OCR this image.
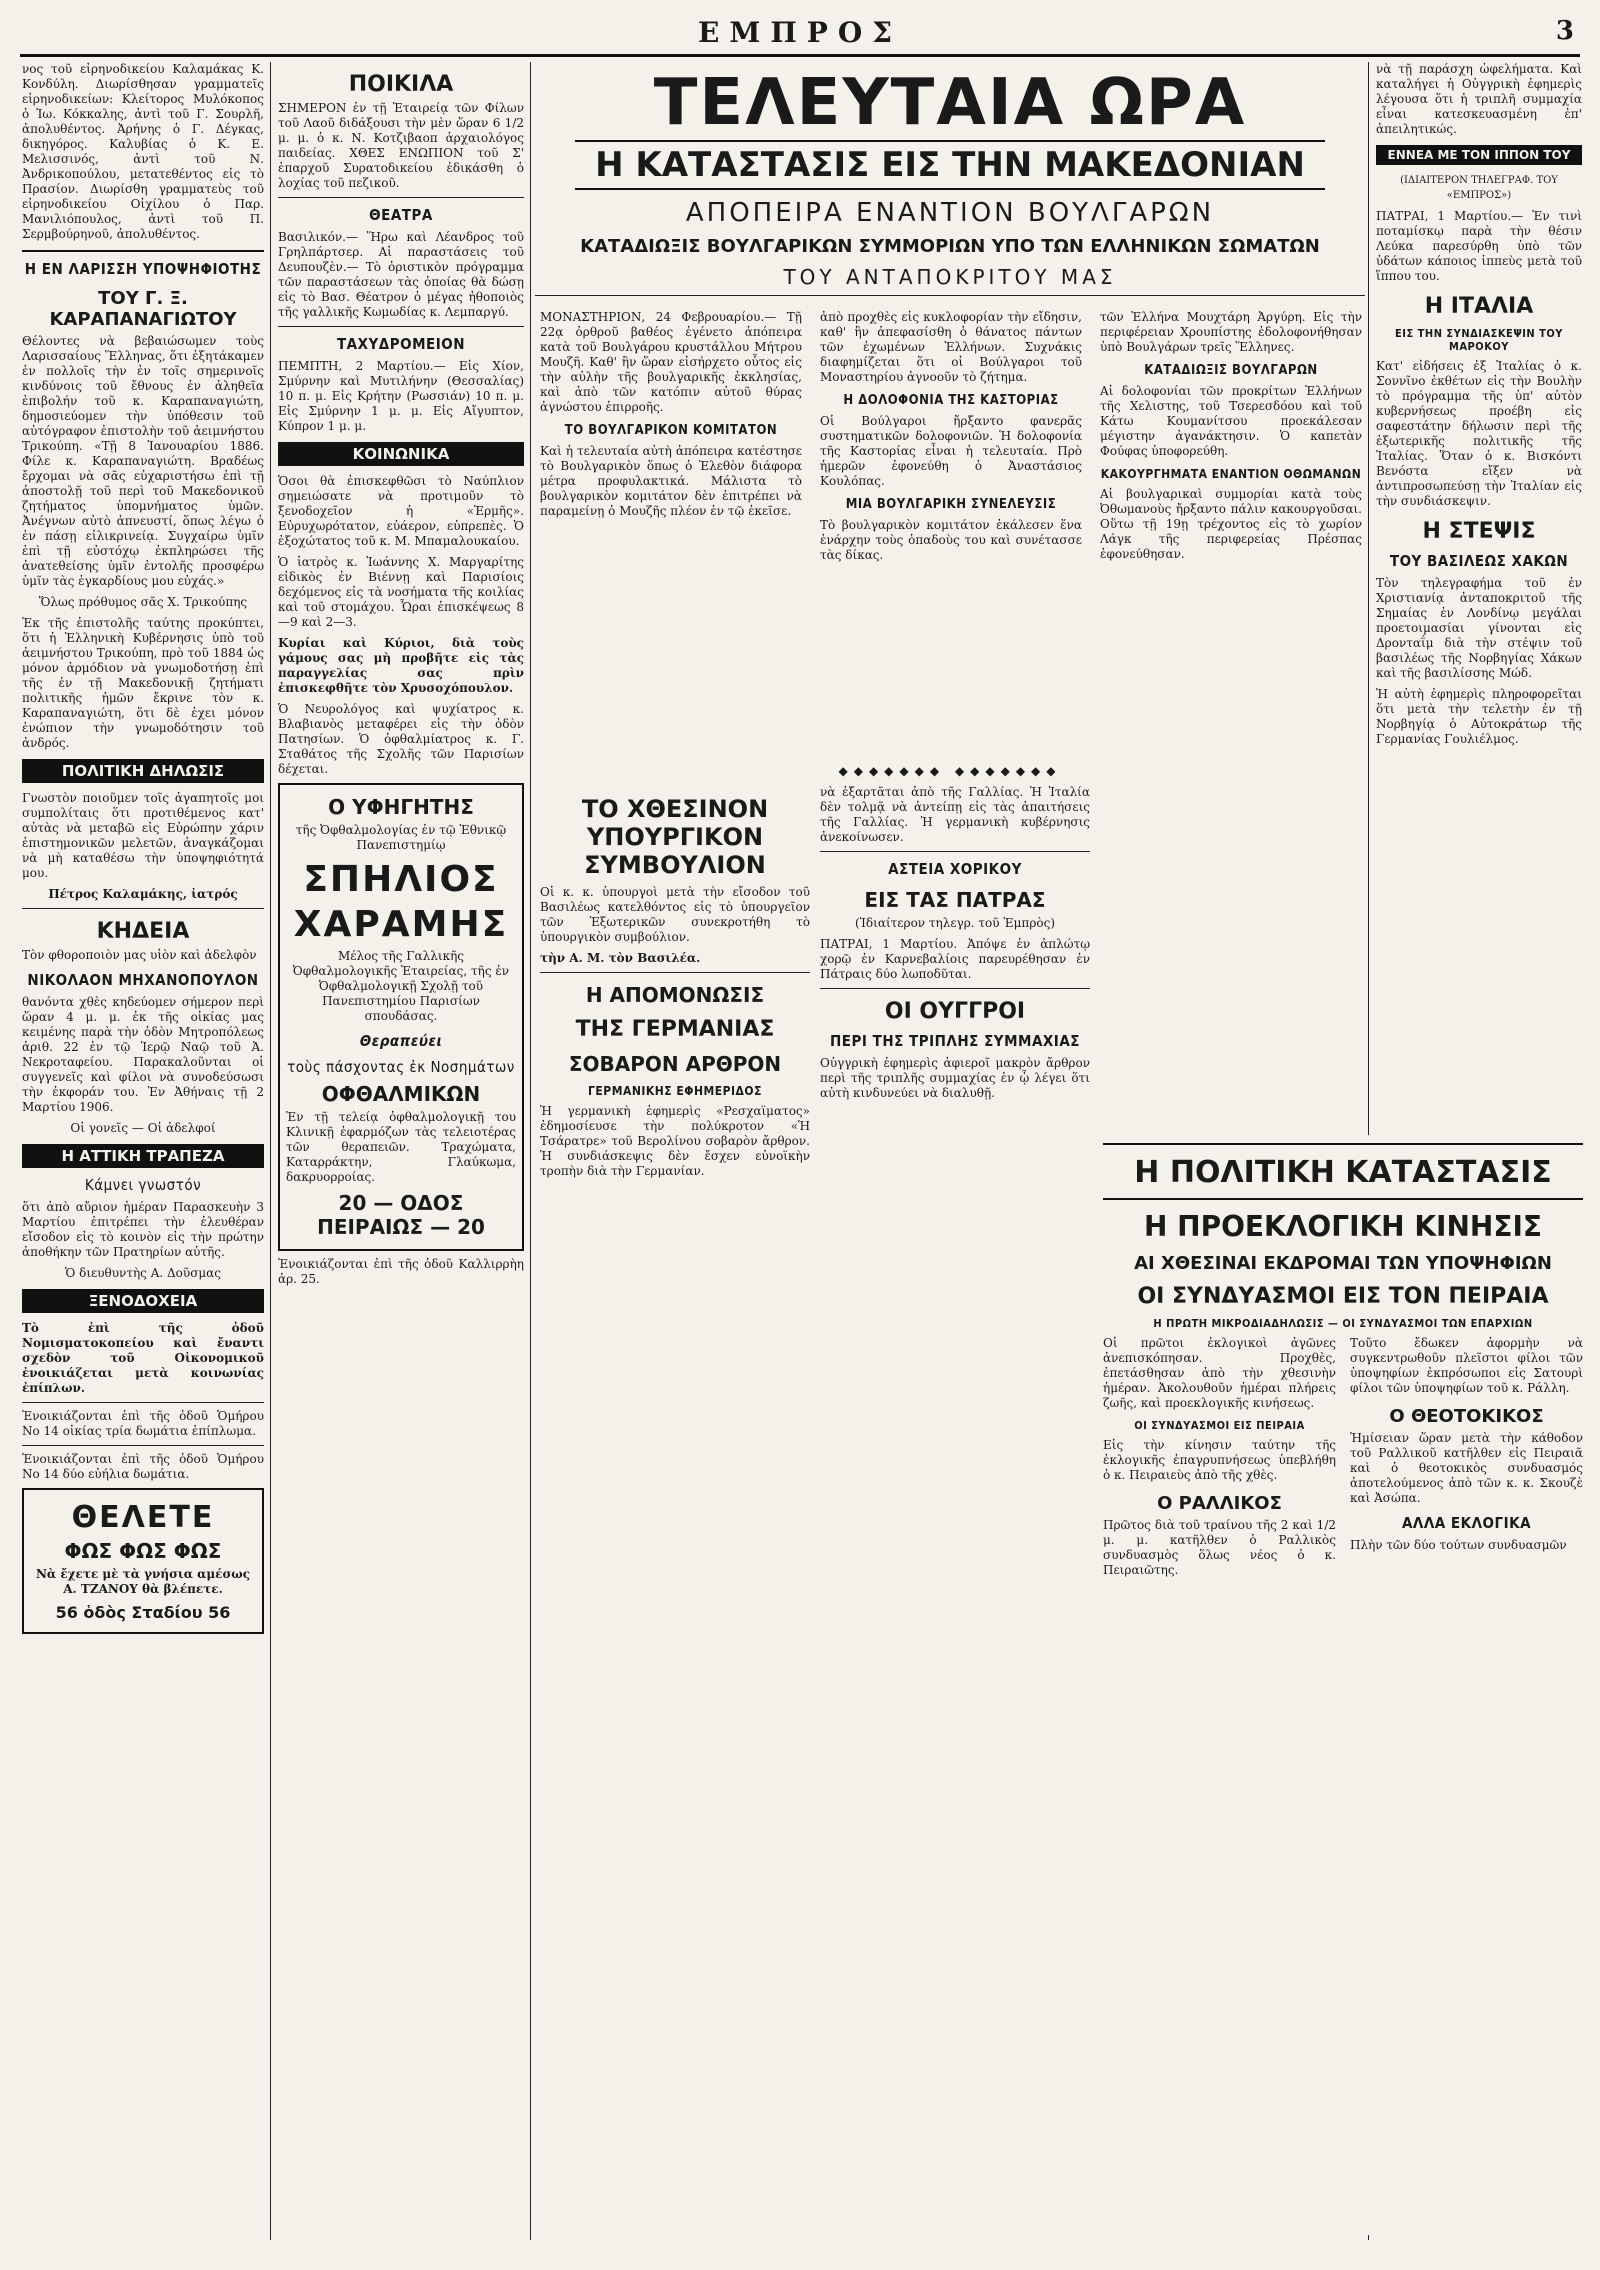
ΕΜΠΡΟΣ	3

νος τοῦ εἰρηνοδικείου Καλαμάκας Κ. Κονδύλη. Διωρίσθησαν γραμματεῖς εἰρηνοδικείων: Κλείτορος Μυλόκοπος ὁ Ἰω. Κόκκαλης, ἀντὶ τοῦ Γ. Σουρλῆ, ἀπολυθέντος. Ἀρήνης ὁ Γ. Δέγκας, δικηγόρος. Καλυβίας ὁ Κ. Ε. Μελισσινός, ἀντὶ τοῦ Ν. Ἀνδρικοπούλου, μετατεθέντος εἰς τὸ Πρασίον. Διωρίσθη γραμματεὺς τοῦ εἰρηνοδικείου Οἰχίλου ὁ Παρ. Μανιλιόπουλος, ἀντὶ τοῦ Π. Σερμβούρηνοῦ, ἀπολυθέντος.

Η ΕΝ ΛΑΡΙΣΣΗ ΥΠΟΨΗΦΙΟΤΗΣ
ΤΟΥ Γ. Ξ. ΚΑΡΑΠΑΝΑΓΙΩΤΟΥ

Θέλοντες νὰ βεβαιώσωμεν τοὺς Λαρισσαίους Ἕλληνας, ὅτι ἐξητάκαμεν ἐν πολλοῖς τὴν ἐν τοῖς σημερινοῖς κινδύνοις τοῦ ἔθνους ἐν ἀληθεῖα ἐπιβολήν τοῦ κ. Καραπαναγιώτη, δημοσιεύομεν τὴν ὑπόθεσιν τοῦ αὐτόγραφον ἐπιστολὴν τοῦ ἀειμνήστου Τρικούπη. «Τῇ 8 Ἰανουαρίου 1886. Φίλε κ. Καραπαναγιώτη. Βραδέως ἔρχομαι νὰ σᾶς εὐχαριστήσω ἐπὶ τῇ ἀποστολῇ τοῦ περὶ τοῦ Μακεδονικοῦ ζητήματος ὑπομνήματος ὑμῶν. Ἀνέγνων αὐτὸ ἀπνευστί, ὅπως λέγω ὁ ἐν πάσῃ εἰλικρινείᾳ. Συγχαίρω ὑμῖν ἐπὶ τῇ εὐστόχῳ ἐκπληρώσει τῆς ἀνατεθείσης ὑμῖν ἐντολῆς προσφέρω ὑμῖν τὰς ἐγκαρδίους μου εὐχάς.»

Ὅλως πρόθυμος σᾶς Χ. Τρικούπης

Ἐκ τῆς ἐπιστολῆς ταύτης προκύπτει, ὅτι ἡ Ἑλληνικὴ Κυβέρνησις ὑπὸ τοῦ ἀειμνήστου Τρικούπη, πρὸ τοῦ 1884 ὡς μόνον ἀρμόδιον νὰ γνωμοδοτήσῃ ἐπὶ τῆς ἐν τῇ Μακεδονικῇ ζητήματι πολιτικῆς ἡμῶν ἔκρινε τὸν κ. Καραπαναγιώτη, ὅτι δὲ ἐχει μόνον ἐνώπιον τὴν γνωμοδότησιν τοῦ ἀνδρός.

ΠΟΛΙΤΙΚΗ ΔΗΛΩΣΙΣ

Γνωστὸν ποιοῦμεν τοῖς ἀγαπητοῖς μοι συμπολίταις ὅτι προτιθέμενος κατ' αὐτὰς νὰ μεταβῶ εἰς Εὐρώπην χάριν ἐπιστημονικῶν μελετῶν, ἀναγκάζομαι νὰ μὴ καταθέσω τὴν ὑποψηφιότητά μου.

Πέτρος Καλαμάκης, ἰατρός

ΚΗΔΕΙΑ

Τὸν φθοροποιὸν μας υἱὸν καὶ ἀδελφὸν

ΝΙΚΟΛΑΟΝ ΜΗΧΑΝΟΠΟΥΛΟΝ

θανόντα χθὲς κηδεύομεν σήμερον περὶ ὥραν 4 μ. μ. ἐκ τῆς οἰκίας μας κειμένης παρὰ τὴν ὁδὸν Μητροπόλεως ἀριθ. 22 ἐν τῷ Ἱερῷ Ναῷ τοῦ Ἀ. Νεκροταφείου. Παρακαλοῦνται οἱ συγγενεῖς καὶ φίλοι νὰ συνοδεύσωσι τὴν ἐκφοράν του. Ἐν Ἀθήναις τῇ 2 Μαρτίου 1906.

Οἱ γονεῖς — Οἱ ἀδελφοί

Η ΑΤΤΙΚΗ ΤΡΑΠΕΖΑ
Κάμνει γνωστόν

ὅτι ἀπὸ αὔριον ἡμέραν Παρασκευὴν 3 Μαρτίου ἐπιτρέπει τὴν ἐλευθέραν εἴσοδον εἰς τὸ κοινὸν εἰς τὴν πρώτην ἀποθήκην τῶν Πρατηρίων αὐτῆς.

Ὁ διευθυντὴς Α. Δοῦσμας

ΞΕΝΟΔΟΧΕΙΑ

Τὸ ἐπὶ τῆς ὁδοῦ Νομισματοκοπείου καὶ ἔναντι σχεδὸν τοῦ Οἰκονομικοῦ ἐνοικιάζεται μετὰ κοινωνίας ἐπίπλων.

Ἐνοικιάζονται ἐπὶ τῆς ὁδοῦ Ὁμήρου Νο 14 οἰκίας τρία δωμάτια ἐπίπλωμα.

Ἐνοικιάζονται ἐπὶ τῆς ὁδοῦ Ὁμήρου Νο 14 δύο εὐήλια δωμάτια.

ΘΕΛΕΤΕ
ΦΩΣ ΦΩΣ ΦΩΣ

Νὰ ἔχετε μὲ τὰ γνήσια αμέσως Α. ΤΖΑΝΟΥ θὰ βλέπετε.

56 ὁδὸς Σταδίου 56
ΠΟΙΚΙΛΑ

ΣΗΜΕΡΟΝ ἐν τῇ Ἑταιρείᾳ τῶν Φίλων τοῦ Λαοῦ διδάξουσι τὴν μὲν ὥραν 6 1/2 μ. μ. ὁ κ. Ν. Κοτζιβαοπ ἀρχαιολόγος παιδείας. ΧΘΕΣ ΕΝΩΠΙΟΝ τοῦ Σ' ἐπαρχοῦ Συρατοδικείου ἐδικάσθη ὁ λοχίας τοῦ πεζικοῦ.

ΘΕΑΤΡΑ

Βασιλικόν.— Ἥρω καὶ Λέανδρος τοῦ Γρηλπάρτσερ. Αἱ παραστάσεις τοῦ Δευπουζὲν.— Τὸ ὁριστικὸν πρόγραμμα τῶν παραστάσεων τὰς ὁποίας θὰ δώσῃ εἰς τὸ Βασ. Θέατρον ὁ μέγας ἠθοποιὸς τῆς γαλλικῆς Κωμωδίας κ. Λεμπαργύ.

ΤΑΧΥΔΡΟΜΕΙΟΝ

ΠΕΜΠΤΗ, 2 Μαρτίου.— Εἰς Χίον, Σμύρνην καὶ Μυτιλήνην (Θεσσαλίας) 10 π. μ. Εἰς Κρήτην (Ρωσσιάν) 10 π. μ. Εἰς Σμύρνην 1 μ. μ. Εἰς Αἴγυπτον, Κύπρον 1 μ. μ.

ΚΟΙΝΩΝΙΚΑ

Ὁσοι θὰ ἐπισκεφθῶσι τὸ Ναύπλιον σημειώσατε νὰ προτιμοῦν τὸ ξενοδοχεῖον ἡ «Ἑρμῆς». Εὐρυχωρότατον, εὐάερον, εὐπρεπὲς. Ὁ ἐξοχώτατος τοῦ κ. Μ. Μπαμαλουκαίου.

Ὁ ἰατρὸς κ. Ἰωάννης Χ. Μαργαρίτης εἰδικὸς ἐν Βιέννῃ καὶ Παρισίοις δεχόμενος εἰς τὰ νοσήματα τῆς κοιλίας καὶ τοῦ στομάχου. Ὧραι ἐπισκέψεως 8—9 καὶ 2—3.

Κυρίαι καὶ Κύριοι, διὰ τοὺς γάμους σας μὴ προβῆτε εἰς τὰς παραγγελίας σας πρὶν ἐπισκεφθῆτε τὸν Χρυσοχόπουλον.

Ὁ Νευρολόγος καὶ ψυχίατρος κ. Βλαβιανὸς μεταφέρει εἰς τὴν ὁδὸν Πατησίων. Ὁ ὀφθαλμίατρος κ. Γ. Σταθάτος τῆς Σχολῆς τῶν Παρισίων δέχεται.

Ο ΥΦΗΓΗΤΗΣ

τῆς Ὀφθαλμολογίας ἐν τῷ Ἐθνικῷ Πανεπιστημίῳ

ΣΠΗΛΙΟΣ
ΧΑΡΑΜΗΣ

Μέλος τῆς Γαλλικῆς Ὀφθαλμολογικῆς Ἑταιρείας, τῆς ἐν Ὀφθαλμολογικῇ Σχολῇ τοῦ Πανεπιστημίου Παρισίων σπουδάσας.

Θεραπεύει
τοὺς πάσχοντας ἐκ Νοσημάτων
ΟΦΘΑΛΜΙΚΩΝ

Ἐν τῇ τελείᾳ ὀφθαλμολογικῇ του Κλινικῇ ἐφαρμόζων τὰς τελειοτέρας τῶν θεραπειῶν. Τραχώματα, Καταρράκτην, Γλαύκωμα, δακρυορροίας.

20 — ΟΔΟΣ ΠΕΙΡΑΙΩΣ — 20

Ἐνοικιάζονται ἐπὶ τῆς ὁδοῦ Καλλιρρὴη ἀρ. 25.

ΤΕΛΕΥΤΑΙΑ ΩΡΑ
Η ΚΑΤΑΣΤΑΣΙΣ ΕΙΣ ΤΗΝ ΜΑΚΕΔΟΝΙΑΝ
ΑΠΟΠΕΙΡΑ ΕΝΑΝΤΙΟΝ ΒΟΥΛΓΑΡΩΝ
ΚΑΤΑΔΙΩΞΙΣ ΒΟΥΛΓΑΡΙΚΩΝ ΣΥΜΜΟΡΙΩΝ ΥΠΟ ΤΩΝ ΕΛΛΗΝΙΚΩΝ ΣΩΜΑΤΩΝ
ΤΟΥ ΑΝΤΑΠΟΚΡΙΤΟΥ ΜΑΣ

ΜΟΝΑΣΤΗΡΙΟΝ, 24 Φεβρουαρίου.— Τῇ 22ᾳ ὀρθροῦ βαθέος ἐγένετο ἀπόπειρα κατὰ τοῦ Βουλγάρου κρυστάλλου Μήτρου Μουζῆ. Καθ' ἣν ὥραν εἰσήρχετο οὗτος εἰς τὴν αὐλὴν τῆς βουλγαρικῆς ἐκκλησίας, καὶ ἀπὸ τῶν κατόπιν αὐτοῦ θύρας ἀγνώστου ἐπιρροῆς.

ΤΟ ΒΟΥΛΓΑΡΙΚΟΝ ΚΟΜΙΤΑΤΟΝ

Καὶ ἡ τελευταία αὐτὴ ἀπόπειρα κατέστησε τὸ Βουλγαρικὸν ὅπως ὁ Ἐλεθὸν διάφορα μέτρα προφυλακτικά. Μάλιστα τὸ βουλγαρικὸν κομιτάτον δὲν ἐπιτρέπει νὰ παραμείνῃ ὁ Μουζῆς πλέον ἐν τῷ ἐκεῖσε.

ἀπὸ προχθὲς εἰς κυκλοφορίαν τὴν εἴδησιν, καθ' ἣν ἀπεφασίσθη ὁ θάνατος πάντων τῶν ἐχωμένων Ἑλλήνων. Συχνάκις διαφημίζεται ὅτι οἱ Βούλγαροι τοῦ Μοναστηρίου ἀγνοοῦν τὸ ζήτημα.

Η ΔΟΛΟΦΟΝΙΑ ΤΗΣ ΚΑΣΤΟΡΙΑΣ

Οἱ Βούλγαροι ἤρξαντο φανερᾶς συστηματικῶν δολοφονιῶν. Ἡ δολοφονία τῆς Καστορίας εἶναι ἡ τελευταία. Πρὸ ἡμερῶν ἐφονεύθη ὁ Ἀναστάσιος Κουλόπας.

ΜΙΑ ΒΟΥΛΓΑΡΙΚΗ ΣΥΝΕΛΕΥΣΙΣ

Τὸ βουλγαρικὸν κομιτάτον ἐκάλεσεν ἕνα ἐνάρχην τοὺς ὁπαδοὺς του καὶ συνέτασσε τὰς δίκας.

τῶν Ἑλλήνα Μουχτάρη Ἀργύρη. Εἰς τὴν περιφέρειαν Χρουπίστης ἐδολοφονήθησαν ὑπὸ Βουλγάρων τρεῖς Ἕλληνες.

ΚΑΤΑΔΙΩΞΙΣ ΒΟΥΛΓΑΡΩΝ

Αἱ δολοφονίαι τῶν προκρίτων Ἑλλήνων τῆς Χελιστης, τοῦ Τσερεσδόου καὶ τοῦ Κάτω Κουμανίτσου προεκάλεσαν μέγιστην ἀγανάκτησιν. Ὁ καπετὰν Φούφας ὑποφορεύθη.

ΚΑΚΟΥΡΓΗΜΑΤΑ ΕΝΑΝΤΙΟΝ ΟΘΩΜΑΝΩΝ

Αἱ βουλγαρικαὶ συμμορίαι κατὰ τοὺς Ὀθωμανοὺς ἤρξαντο πάλιν κακουργοῦσαι. Οὕτω τῇ 19ῃ τρέχοντος εἰς τὸ χωρίον Λάγκ τῆς περιφερείας Πρέσπας ἐφονεύθησαν.

◆◆◆◆◆◆◆ ◆◆◆◆◆◆◆
ΤΟ ΧΘΕΣΙΝΟΝ ΥΠΟΥΡΓΙΚΟΝ ΣΥΜΒΟΥΛΙΟΝ

Οἱ κ. κ. ὑπουργοὶ μετὰ τὴν εἴσοδον τοῦ Βασιλέως κατελθόντος εἰς τὸ ὑπουργεῖον τῶν Ἐξωτερικῶν συνεκροτήθη τὸ ὑπουργικὸν συμβούλιον.

τὴν Α. Μ. τὸν Βασιλέα.

Η ΑΠΟΜΟΝΩΣΙΣ
ΤΗΣ ΓΕΡΜΑΝΙΑΣ
ΣΟΒΑΡΟΝ ΑΡΘΡΟΝ
ΓΕΡΜΑΝΙΚΗΣ ΕΦΗΜΕΡΙΔΟΣ

Ἡ γερμανικὴ ἐφημερὶς «Ρεσχαϊματος» ἐδημοσίευσε τὴν πολύκροτον «Ἡ Τσάρατρε» τοῦ Βερολίνου σοβαρὸν ἄρθρον. Ἡ συνδιάσκεψις δὲν ἔσχεν εὐνοϊκὴν τροπὴν διὰ τὴν Γερμανίαν.

νὰ ἐξαρτᾶται ἀπὸ τῆς Γαλλίας. Ἡ Ἰταλία δὲν τολμᾷ νὰ ἀντείπῃ εἰς τὰς ἀπαιτήσεις τῆς Γαλλίας. Ἡ γερμανικὴ κυβέρνησις ἀνεκοίνωσεν.

ΑΣΤΕΙΑ ΧΟΡΙΚΟΥ
ΕΙΣ ΤΑΣ ΠΑΤΡΑΣ

(Ἰδιαίτερον τηλεγρ. τοῦ Ἐμπρὸς)

ΠΑΤΡΑΙ, 1 Μαρτίου. Ἀπόψε ἐν ἀπλώτῳ χορῷ ἐν Καρνεβαλίοις παρευρέθησαν ἐν Πάτραις δύο λωποδῦται.

ΟΙ ΟΥΓΓΡΟΙ
ΠΕΡΙ ΤΗΣ ΤΡΙΠΛΗΣ ΣΥΜΜΑΧΙΑΣ

Οὐγγρικὴ ἐφημερὶς ἀφιεροῖ μακρὸν ἄρθρον περὶ τῆς τριπλῆς συμμαχίας ἐν ᾧ λέγει ὅτι αὐτὴ κινδυνεύει νὰ διαλυθῇ.

νὰ τῇ παράσχη ὠφελήματα. Καὶ καταλήγει ἡ Οὐγγρικὴ ἐφημερὶς λέγουσα ὅτι ἡ τριπλῆ συμμαχία εἶναι κατεσκευασμένη ἐπ' ἀπειλητικώς.

ΕΝΝΕΑ ΜΕ ΤΟΝ ΙΠΠΟΝ ΤΟΥ

(ΙΔΙΑΙΤΕΡΟΝ ΤΗΛΕΓΡΑΦ. ΤΟΥ «ΕΜΠΡΟΣ»)

ΠΑΤΡΑΙ, 1 Μαρτίου.— Ἐν τινὶ ποταμίσκῳ παρὰ τὴν θέσιν Λεύκα παρεσύρθη ὑπὸ τῶν ὑδάτων κάποιος ἱππεὺς μετὰ τοῦ ἵππου του.

Η ΙΤΑΛΙΑ
ΕΙΣ ΤΗΝ ΣΥΝΔΙΑΣΚΕΨΙΝ ΤΟΥ ΜΑΡΟΚΟΥ

Κατ' εἰδήσεις ἐξ Ἰταλίας ὁ κ. Σοννῖνο ἐκθέτων εἰς τὴν Βουλὴν τὸ πρόγραμμα τῆς ὑπ' αὐτὸν κυβερνήσεως προέβη εἰς σαφεστάτην δήλωσιν περὶ τῆς ἐξωτερικῆς πολιτικῆς τῆς Ἰταλίας. Ὅταν ὁ κ. Βισκόντι Βενόστα εἴξεν νὰ ἀντιπροσωπεύσῃ τὴν Ἰταλίαν εἰς τὴν συνδιάσκεψιν.

Η ΣΤΕΨΙΣ
ΤΟΥ ΒΑΣΙΛΕΩΣ ΧΑΚΩΝ

Τὸν τηλεγραφήμα τοῦ ἐν Χριστιανίᾳ ἀνταποκριτοῦ τῆς Σημαίας ἐν Λονδίνῳ μεγάλαι προετοιμασίαι γίνονται εἰς Δρονταΐμ διὰ τὴν στέψιν τοῦ βασιλέως τῆς Νορβηγίας Χάκων καὶ τῆς βασιλίσσης Μώδ.

Ἡ αὐτὴ ἐφημερὶς πληροφορεῖται ὅτι μετὰ τὴν τελετὴν ἐν τῇ Νορβηγίᾳ ὁ Αὐτοκράτωρ τῆς Γερμανίας Γουλιέλμος.

Η ΠΟΛΙΤΙΚΗ ΚΑΤΑΣΤΑΣΙΣ
Η ΠΡΟΕΚΛΟΓΙΚΗ ΚΙΝΗΣΙΣ
ΑΙ ΧΘΕΣΙΝΑΙ ΕΚΔΡΟΜΑΙ ΤΩΝ ΥΠΟΨΗΦΙΩΝ
ΟΙ ΣΥΝΔΥΑΣΜΟΙ ΕΙΣ ΤΟΝ ΠΕΙΡΑΙΑ
Η ΠΡΩΤΗ ΜΙΚΡΟΔΙΑΔΗΛΩΣΙΣ — ΟΙ ΣΥΝΔΥΑΣΜΟΙ ΤΩΝ ΕΠΑΡΧΙΩΝ

Οἱ πρῶτοι ἐκλογικοὶ ἀγῶνες ἀνεπισκόπησαν. Προχθὲς, ἐπετάσθησαν ἀπὸ τὴν χθεσινὴν ἡμέραν. Ἀκολουθοῦν ἡμέραι πλήρεις ζωῆς, καὶ προεκλογικῆς κινήσεως.

ΟΙ ΣΥΝΔΥΑΣΜΟΙ ΕΙΣ ΠΕΙΡΑΙΑ

Εἰς τὴν κίνησιν ταύτην τῆς ἐκλογικῆς ἐπαγρυπνήσεως ὑπεβλήθη ὁ κ. Πειραιεὺς ἀπὸ τῆς χθὲς.

Ο ΡΑΛΛΙΚΟΣ

Πρῶτος διὰ τοῦ τραίνου τῆς 2 καὶ 1/2 μ. μ. κατῆλθεν ὁ Ραλλικὸς συνδυασμὸς ὅλως νέος ὁ κ. Πειραιῶτης.

Τοῦτο ἔδωκεν ἀφορμὴν νὰ συγκεντρωθοῦν πλεῖστοι φίλοι τῶν ὑποψηφίων ἐκπρόσωποι εἰς Σατουρὶ φίλοι τῶν ὑποψηφίων τοῦ κ. Ράλλη.

Ο ΘΕΟΤΟΚΙΚΟΣ

Ἠμίσειαν ὥραν μετὰ τὴν κάθοδον τοῦ Ραλλικοῦ κατῆλθεν εἰς Πειραιᾶ καὶ ὁ θεοτοκικὸς συνδυασμός ἀποτελούμενος ἀπὸ τῶν κ. κ. Σκουζὲ καὶ Ἀσώπα.

ΑΛΛΑ ΕΚΛΟΓΙΚΑ

Πλὴν τῶν δύο τούτων συνδυασμῶν
